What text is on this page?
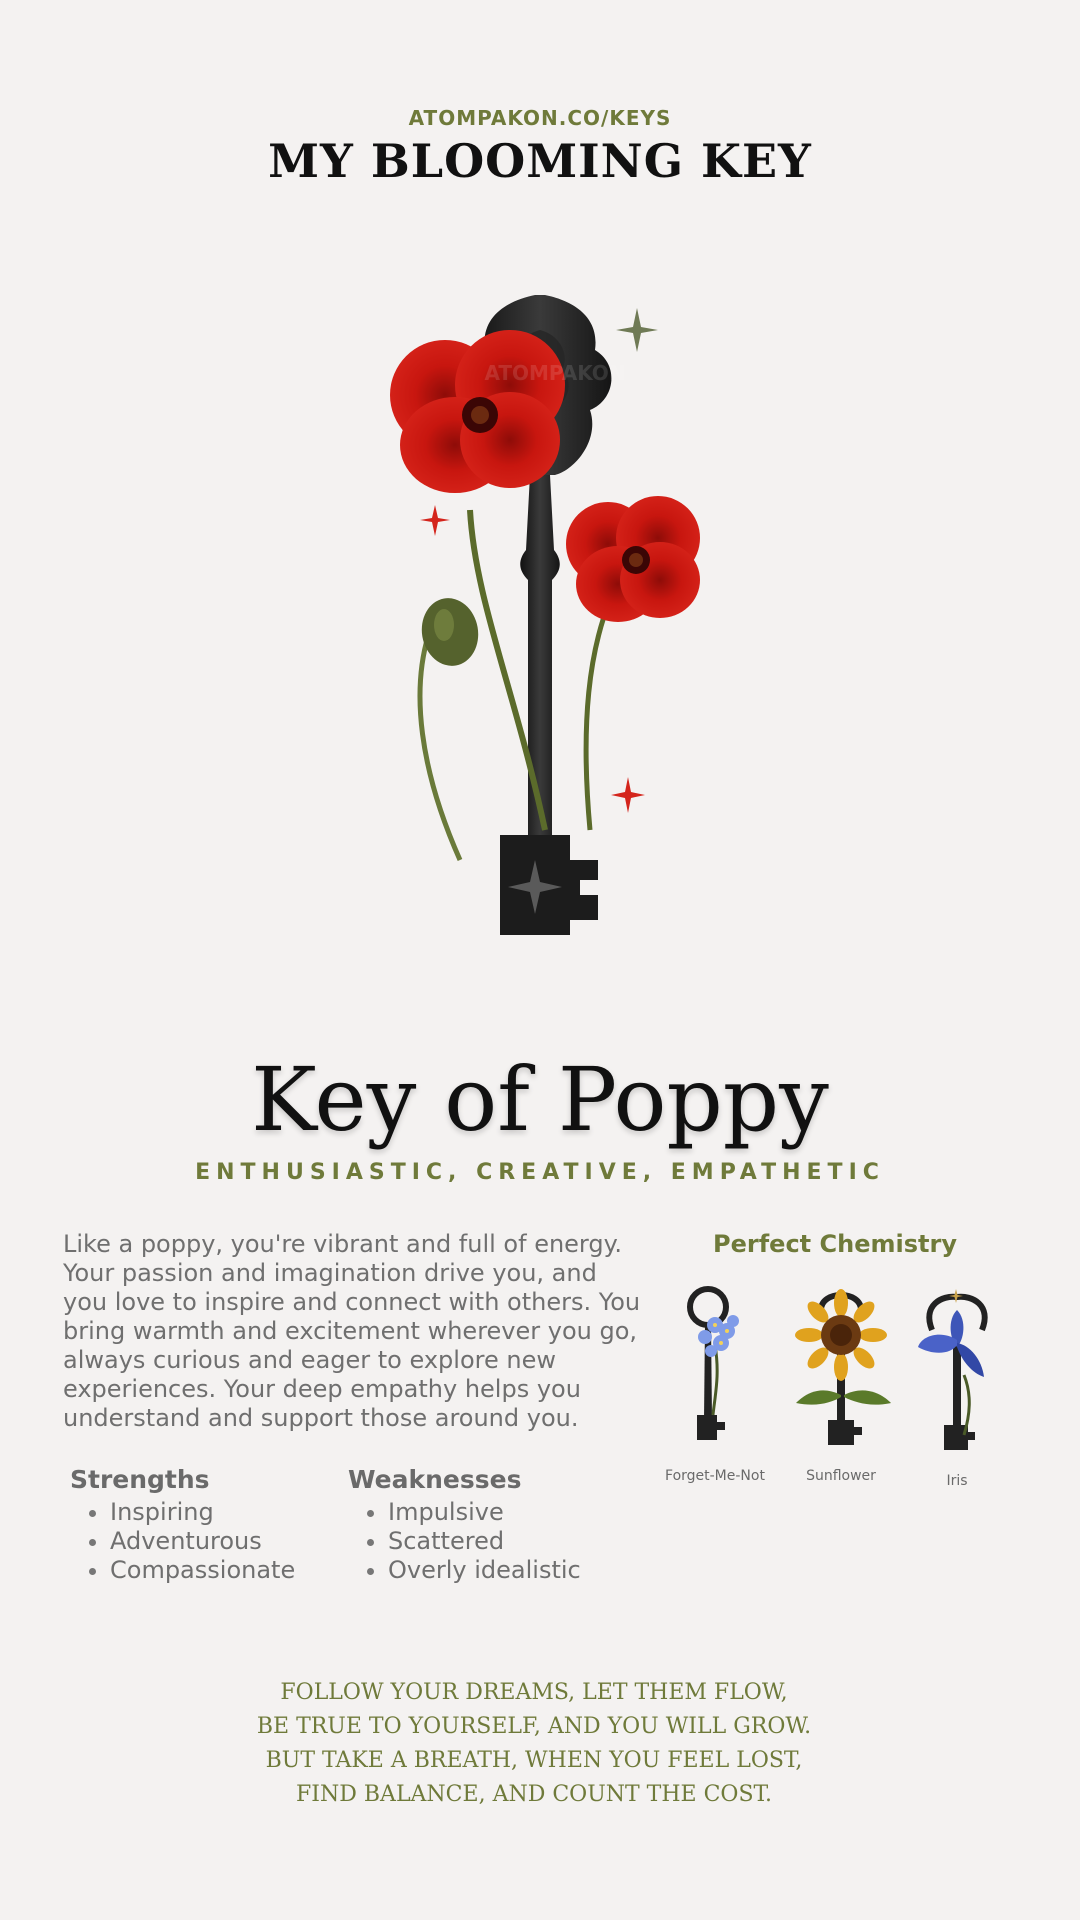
ATOMPAKON.CO/KEYS
MY BLOOMING KEY
ATOMPAKON
Key of Poppy
ENTHUSIASTIC, CREATIVE, EMPATHETIC
Like a poppy, you're vibrant and full of energy.
Your passion and imagination drive you, and
you love to inspire and connect with others. You
bring warmth and excitement wherever you go,
always curious and eager to explore new
experiences. Your deep empathy helps you
understand and support those around you.
Strengths
• Inspiring
• Adventurous
• Compassionate
Weaknesses
• Impulsive
• Scattered
• Overly idealistic
Perfect Chemistry
Forget-Me-Not	Sunflower	Iris
FOLLOW YOUR DREAMS, LET THEM FLOW,
BE TRUE TO YOURSELF, AND YOU WILL GROW.
BUT TAKE A BREATH, WHEN YOU FEEL LOST,
FIND BALANCE, AND COUNT THE COST.
